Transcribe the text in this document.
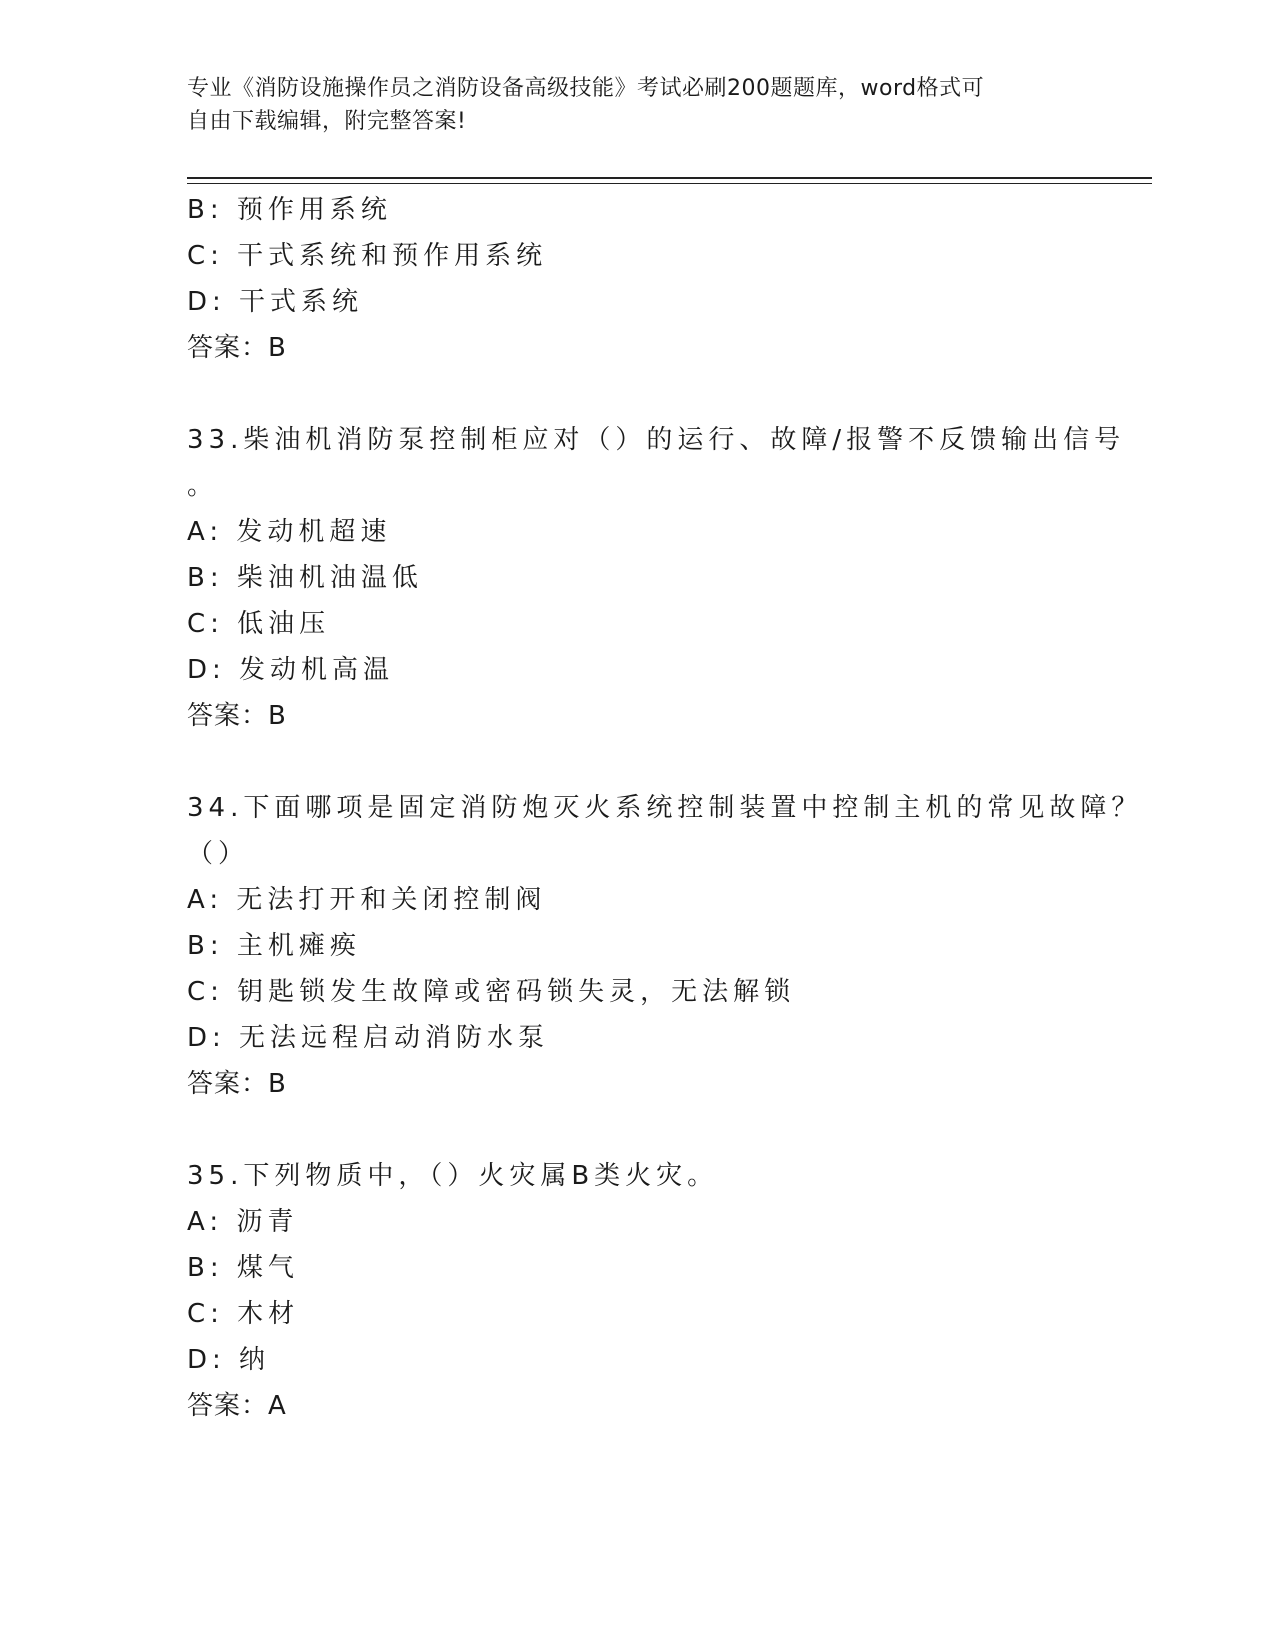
专业《消防设施操作员之消防设备高级技能》考试必刷200题题库，word格式可
自由下载编辑，附完整答案!
B: 预作用系统
C: 干式系统和预作用系统
D: 干式系统
答案：B
33.柴油机消防泵控制柜应对（）的运行、故障/报警不反馈输出信号
。
A: 发动机超速
B: 柴油机油温低
C: 低油压
D: 发动机高温
答案：B
34.下面哪项是固定消防炮灭火系统控制装置中控制主机的常见故障？
（）
A: 无法打开和关闭控制阀
B: 主机瘫痪
C: 钥匙锁发生故障或密码锁失灵，无法解锁
D: 无法远程启动消防水泵
答案：B
35.下列物质中，（）火灾属B类火灾。
A: 沥青
B: 煤气
C: 木材
D: 纳
答案：A
